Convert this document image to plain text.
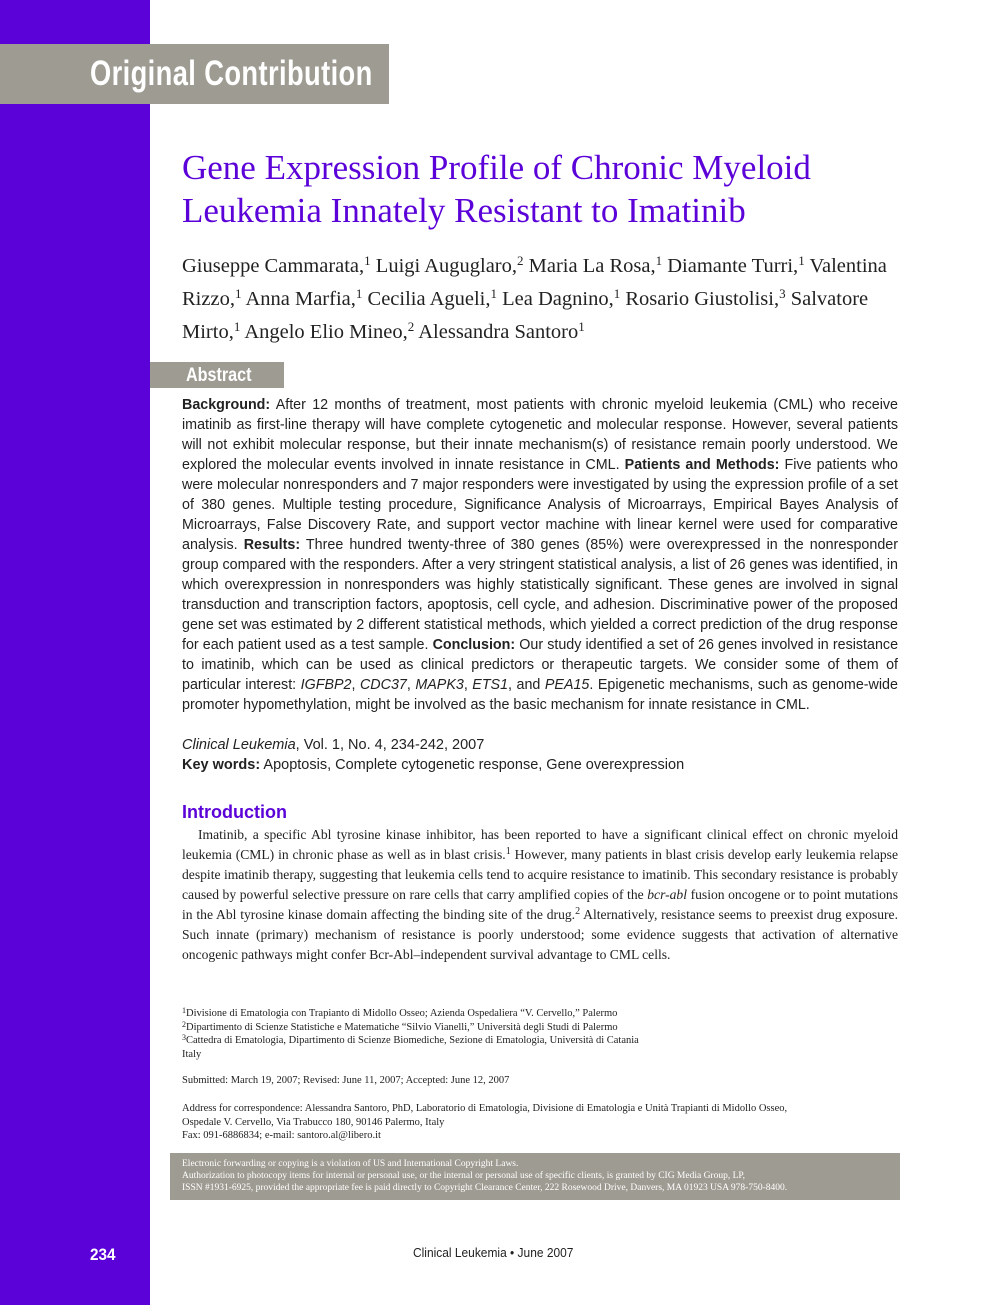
Original Contribution
Gene Expression Profile of Chronic Myeloid Leukemia Innately Resistant to Imatinib
Giuseppe Cammarata,$^1$ Luigi Auguglaro,$^2$ Maria La Rosa,$^1$ Diamante Turri,$^1$ Valentina Rizzo,$^1$ Anna Marfia,$^1$ Cecilia Agueli,$^1$ Lea Dagnino,$^1$ Rosario Giustolisi,$^3$ Salvatore Mirto,$^1$ Angelo Elio Mineo,$^2$ Alessandra Santoro$^1$
Abstract
Background: After 12 months of treatment, most patients with chronic myeloid leukemia (CML) who receive imatinib as first-line therapy will have complete cytogenetic and molecular response. However, several patients will not exhibit molecular response, but their innate mechanism(s) of resistance remain poorly understood. We explored the molecular events involved in innate resistance in CML. Patients and Methods: Five patients who were molecular nonresponders and 7 major responders were investigated by using the expression profile of a set of 380 genes. Multiple testing procedure, Significance Analysis of Microarrays, Empirical Bayes Analysis of Microarrays, False Discovery Rate, and support vector machine with linear kernel were used for comparative analysis. Results: Three hundred twenty-three of 380 genes (85%) were overexpressed in the nonresponder group compared with the responders. After a very stringent statistical analysis, a list of 26 genes was identified, in which overexpression in nonresponders was highly statistically significant. These genes are involved in signal transduction and transcription factors, apoptosis, cell cycle, and adhesion. Discriminative power of the proposed gene set was estimated by 2 different statistical methods, which yielded a correct prediction of the drug response for each patient used as a test sample. Conclusion: Our study identified a set of 26 genes involved in resistance to imatinib, which can be used as clinical predictors or therapeutic targets. We consider some of them of particular interest: IGFBP2, CDC37, MAPK3, ETS1, and PEA15. Epigenetic mechanisms, such as genome-wide promoter hypomethylation, might be involved as the basic mechanism for innate resistance in CML.
Clinical Leukemia, Vol. 1, No. 4, 234-242, 2007
Key words: Apoptosis, Complete cytogenetic response, Gene overexpression
Introduction
Imatinib, a specific Abl tyrosine kinase inhibitor, has been reported to have a significant clinical effect on chronic myeloid leukemia (CML) in chronic phase as well as in blast crisis.$^1$ However, many patients in blast crisis develop early leukemia relapse despite imatinib therapy, suggesting that leukemia cells tend to acquire resistance to imatinib. This secondary resistance is probably caused by powerful selective pressure on rare cells that carry amplified copies of the bcr-abl fusion oncogene or to point mutations in the Abl tyrosine kinase domain affecting the binding site of the drug.$^2$ Alternatively, resistance seems to preexist drug exposure. Such innate (primary) mechanism of resistance is poorly understood; some evidence suggests that activation of alternative oncogenic pathways might confer Bcr-Abl–independent survival advantage to CML cells.
$^1$Divisione di Ematologia con Trapianto di Midollo Osseo; Azienda Ospedaliera “V. Cervello,” Palermo
$^2$Dipartimento di Scienze Statistiche e Matematiche “Silvio Vianelli,” Università degli Studi di Palermo
$^3$Cattedra di Ematologia, Dipartimento di Scienze Biomediche, Sezione di Ematologia, Università di Catania
Italy
Submitted: March 19, 2007; Revised: June 11, 2007; Accepted: June 12, 2007
Address for correspondence: Alessandra Santoro, PhD, Laboratorio di Ematologia, Divisione di Ematologia e Unità Trapianti di Midollo Osseo,
Ospedale V. Cervello, Via Trabucco 180, 90146 Palermo, Italy
Fax: 091-6886834; e-mail: santoro.al@libero.it
Electronic forwarding or copying is a violation of US and International Copyright Laws.
Authorization to photocopy items for internal or personal use, or the internal or personal use of specific clients, is granted by CIG Media Group, LP,
ISSN #1931-6925, provided the appropriate fee is paid directly to Copyright Clearance Center, 222 Rosewood Drive, Danvers, MA 01923 USA 978-750-8400.
234	Clinical Leukemia • June 2007
